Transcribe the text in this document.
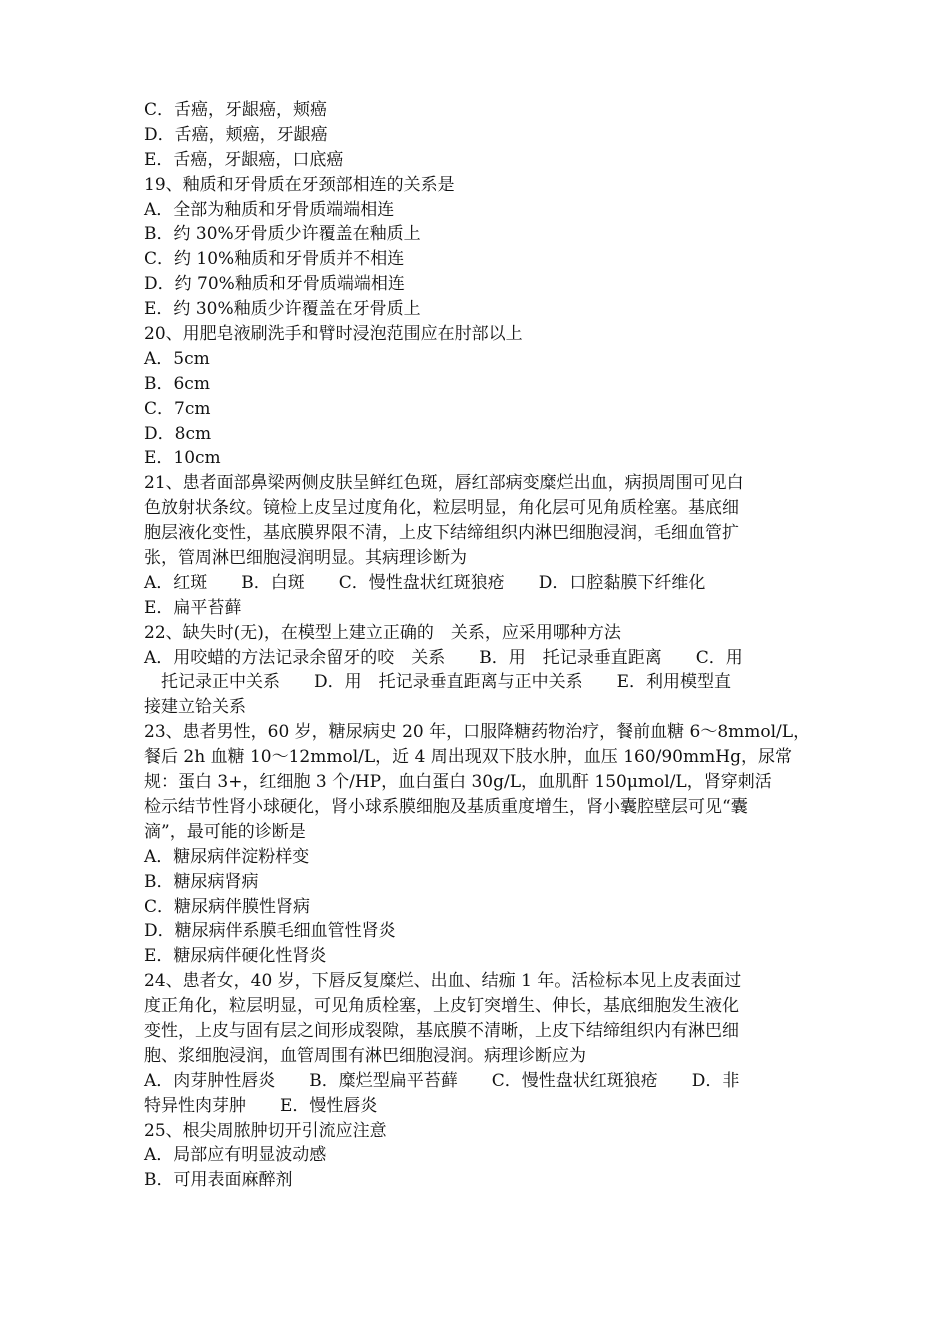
C．舌癌，牙龈癌，颊癌
D．舌癌，颊癌，牙龈癌
E．舌癌，牙龈癌，口底癌
19、釉质和牙骨质在牙颈部相连的关系是
A．全部为釉质和牙骨质端端相连
B．约 30%牙骨质少许覆盖在釉质上
C．约 10%釉质和牙骨质并不相连
D．约 70%釉质和牙骨质端端相连
E．约 30%釉质少许覆盖在牙骨质上
20、用肥皂液刷洗手和臂时浸泡范围应在肘部以上
A．5cm
B．6cm
C．7cm
D．8cm
E．10cm
21、患者面部鼻梁两侧皮肤呈鲜红色斑，唇红部病变糜烂出血，病损周围可见白
色放射状条纹。镜检上皮呈过度角化，粒层明显，角化层可见角质栓塞。基底细
胞层液化变性，基底膜界限不清，上皮下结缔组织内淋巴细胞浸润，毛细血管扩
张，管周淋巴细胞浸润明显。其病理诊断为
A．红斑　　B．白斑　　C．慢性盘状红斑狼疮　　D．口腔黏膜下纤维化
E．扁平苔藓
22、缺失时(无)，在模型上建立正确的　关系，应采用哪种方法
A．用咬蜡的方法记录余留牙的咬　关系　　B．用　托记录垂直距离　　C．用
　托记录正中关系　　D．用　托记录垂直距离与正中关系　　E．利用模型直
接建立铪关系
23、患者男性，60 岁，糖尿病史 20 年，口服降糖药物治疗，餐前血糖 6～8mmol/L，
餐后 2h 血糖 10～12mmol/L，近 4 周出现双下肢水肿，血压 160/90mmHg，尿常
规：蛋白 3+，红细胞 3 个/HP，血白蛋白 30g/L，血肌酐 150μmol/L，肾穿刺活
检示结节性肾小球硬化，肾小球系膜细胞及基质重度增生，肾小囊腔壁层可见“囊
滴”，最可能的诊断是
A．糖尿病伴淀粉样变
B．糖尿病肾病
C．糖尿病伴膜性肾病
D．糖尿病伴系膜毛细血管性肾炎
E．糖尿病伴硬化性肾炎
24、患者女，40 岁，下唇反复糜烂、出血、结痂 1 年。活检标本见上皮表面过
度正角化，粒层明显，可见角质栓塞，上皮钉突增生、伸长，基底细胞发生液化
变性，上皮与固有层之间形成裂隙，基底膜不清晰，上皮下结缔组织内有淋巴细
胞、浆细胞浸润，血管周围有淋巴细胞浸润。病理诊断应为
A．肉芽肿性唇炎　　B．糜烂型扁平苔藓　　C．慢性盘状红斑狼疮　　D．非
特异性肉芽肿　　E．慢性唇炎
25、根尖周脓肿切开引流应注意
A．局部应有明显波动感
B．可用表面麻醉剂
